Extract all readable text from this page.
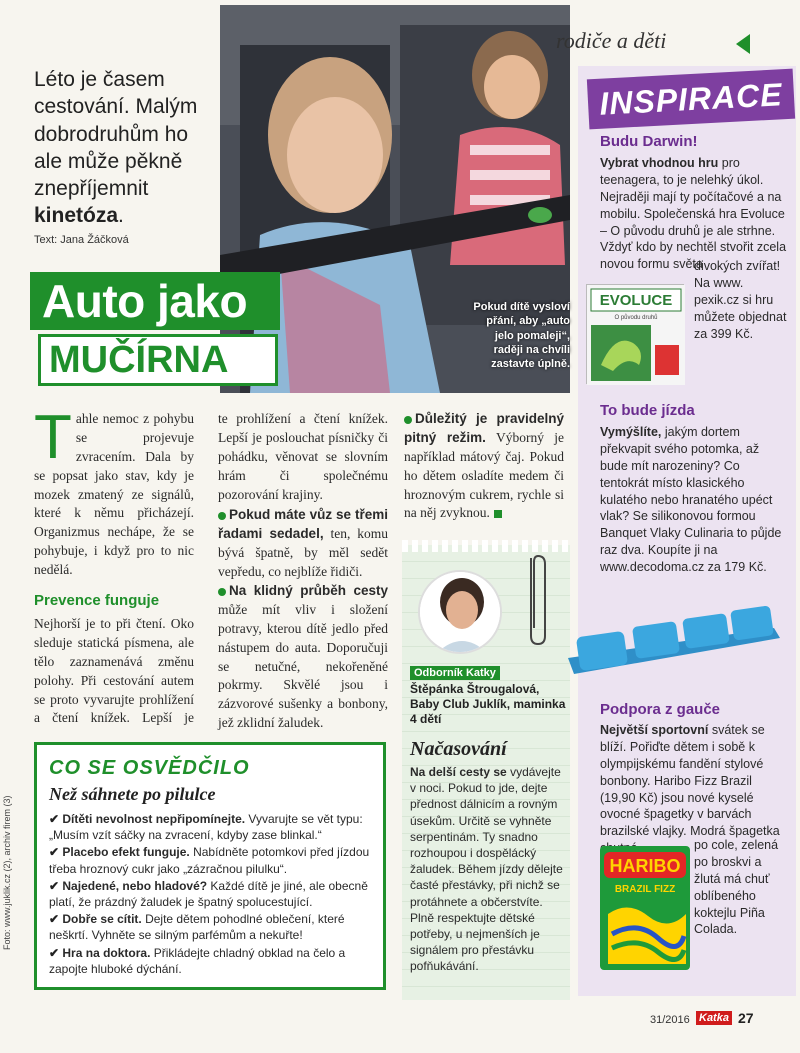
Léto je časem cestování. Malým dobrodruhům ho ale může pěkně znepříjemnit kinetóza.
Text: Jana Žáčková
Pokud dítě vysloví přání, aby „auto jelo pomaleji“, raději na chvíli zastavte úplně.
Auto jako
MUČÍRNA
rodiče a děti
T ahle nemoc z pohybu se projevuje zvracením. Dala by se popsat jako stav, kdy je mozek zmatený ze signálů, které k němu přicházejí. Organizmus nechápe, že se pohybuje, i když pro to nic nedělá.
Prevence funguje
Nejhorší je to při čtení. Oko sleduje statická písmena, ale tělo zaznamenává změnu polohy. Při cestování autem se proto vyvarujte prohlížení a čtení knížek. Lepší je
te prohlížení a čtení knížek. Lepší je poslouchat písničky či pohádku, věnovat se slovním hrám či společnému pozorování krajiny.
Pokud máte vůz se třemi řadami sedadel, ten, komu bývá špatně, by měl sedět vepředu, co nejblíže řidiči.
Na klidný průběh cesty může mít vliv i složení potravy, kterou dítě jedlo před nástupem do auta. Doporučuji se netučné, nekořeněné pokrmy. Skvělé jsou i zázvorové sušenky a bonbony, jež zklidní žaludek.
Důležitý je pravidelný pitný režim. Výborný je například mátový čaj. Pokud ho dětem osladíte medem či hroznovým cukrem, rychle si na něj zvyknou.
Odborník Katky
Štěpánka Štrougalová, Baby Club Juklík, maminka 4 dětí
Načasování
Na delší cesty se vydávejte v noci. Pokud to jde, dejte přednost dálnicím a rovným úsekům. Určitě se vyhněte serpentinám. Ty snadno rozhoupou i dospělácký žaludek. Během jízdy dělejte časté přestávky, při nichž se protáhnete a občerstvíte. Plně respektujte dětské potřeby, u nejmenších je signálem pro přestávku pofňukávání.
CO SE OSVĚDČILO
Než sáhnete po pilulce
✔ Dítěti nevolnost nepřipomínejte. Vyvarujte se vět typu: „Musím vzít sáčky na zvracení, kdyby zase blinkal.“
✔ Placebo efekt funguje. Nabídněte potomkovi před jízdou třeba hroznový cukr jako „zázračnou pilulku“.
✔ Najedené, nebo hladové? Každé dítě je jiné, ale obecně platí, že prázdný žaludek je špatný spolucestující.
✔ Dobře se cítit. Dejte dětem pohodlné oblečení, které neškrtí. Vyhněte se silným parfémům a nekuřte!
✔ Hra na doktora. Přikládejte chladný obklad na čelo a zapojte hluboké dýchání.
INSPIRACE
Budu Darwin!
Vybrat vhodnou hru pro teenagera, to je nelehký úkol. Nejraději mají ty počítačové a na mobilu. Společenská hra Evoluce – O původu druhů je ale strhne. Vždyť kdo by nechtěl stvořit zcela novou formu světa
divokých zvířat! Na www. pexik.cz si hru můžete objednat za 399 Kč.
EVOLUCE
O původu druhů
To bude jízda
Vymýšlíte, jakým dortem překvapit svého potomka, až bude mít narozeniny? Co tentokrát místo klasického kulatého nebo hranatého upéct vlak? Se silikonovou formou Banquet Vlaky Culinaria to půjde raz dva. Koupíte ji na www.decodoma.cz za 179 Kč.
Podpora z gauče
Největší sportovní svátek se blíží. Pořiďte dětem i sobě k olympijskému fandění stylové bonbony. Haribo Fizz Brazil (19,90 Kč) jsou nové kyselé ovocné špagetky v barvách brazilské vlajky. Modrá špagetka
po cole, zelená po broskvi a žlutá má chuť oblíbeného koktejlu Piña Colada.
HARIBO
BRAZIL FIZZ
31/2016 Katka 27
Foto: www.juklik.cz (2), archiv firem (3)
